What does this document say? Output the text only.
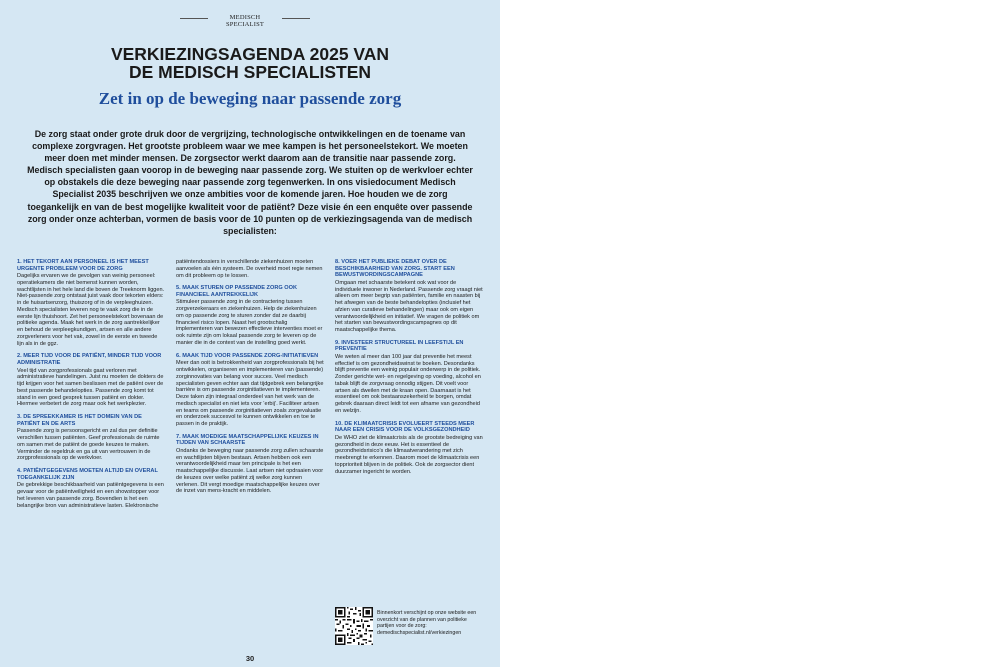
MEDISCH
SPECIALIST
VERKIEZINGSAGENDA 2025 VAN
DE MEDISCH SPECIALISTEN
Zet in op de beweging naar passende zorg

De zorg staat onder grote druk door de vergrijzing, technologische ontwikkelingen en de toename van complexe zorgvragen. Het grootste probleem waar we mee kampen is het personeelstekort. We moeten meer doen met minder mensen. De zorgsector werkt daarom aan de transitie naar passende zorg. Medisch specialisten gaan voorop in de beweging naar passende zorg. We stuiten op de werkvloer echter op obstakels die deze beweging naar passende zorg tegenwerken. In ons visiedocument Medisch Specialist 2035 beschrijven we onze ambities voor de komende jaren. Hoe houden we de zorg toegankelijk en van de best mogelijke kwaliteit voor de patiënt? Deze visie én een enquête over passende zorg onder onze achterban, vormen de basis voor de 10 punten op de verkiezingsagenda van de medisch specialisten:

1. HET TEKORT AAN PERSONEEL IS HET MEEST URGENTE PROBLEEM VOOR DE ZORG

Dagelijks ervaren we de gevolgen van weinig personeel: operatiekamers die niet bemenst kunnen worden, wachtlijsten in het hele land die boven de Treeknorm liggen. Niet-passende zorg ontstaat juist vaak door tekorten elders: in de huisartsenzorg, thuiszorg of in de verpleeghuizen. Medisch specialisten leveren nog te vaak zorg die in de eerste lijn thuishoort. Zet het personeelstekort bovenaan de politieke agenda. Maak het werk in de zorg aantrekkelijker en behoud de verpleegkundigen, artsen en alle andere zorgverleners voor het vak, zowel in de eerste en tweede lijn als in de ggz.

2. MEER TIJD VOOR DE PATIËNT, MINDER TIJD VOOR ADMINISTRATIE

Veel tijd van zorgprofessionals gaat verloren met administratieve handelingen. Juist nu moeten de dokters de tijd krijgen voor het samen beslissen met de patiënt over de best passende behandelopties. Passende zorg komt tot stand in een goed gesprek tussen patiënt en dokter. Hiermee verbetert de zorg maar ook het werkplezier.

3. DE SPREEKKAMER IS HET DOMEIN VAN DE PATIËNT EN DE ARTS

Passende zorg is persoonsgericht en zal dus per definitie verschillen tussen patiënten. Geef professionals de ruimte om samen met de patiënt de goede keuzes te maken. Verminder de regeldruk en ga uit van vertrouwen in de zorgprofessionals op de werkvloer.

4. PATIËNTGEGEVENS MOETEN ALTIJD EN OVERAL TOEGANKELIJK ZIJN

De gebrekkige beschikbaarheid van patiëntgegevens is een gevaar voor de patiëntveiligheid en een showstopper voor het leveren van passende zorg. Bovendien is het een belangrijke bron van administratieve lasten. Elektronische

patiëntendossiers in verschillende ziekenhuizen moeten aanvoelen als één systeem. De overheid moet regie nemen om dit probleem op te lossen.

5. MAAK STUREN OP PASSENDE ZORG OOK FINANCIEEL AANTREKKELIJK

Stimuleer passende zorg in de contractering tussen zorgverzekeraars en ziekenhuizen. Help de ziekenhuizen om op passende zorg te sturen zonder dat ze daarbij financieel risico lopen. Naast het grootschalig implementeren van bewezen effectieve interventies moet er ook ruimte zijn om lokaal passende zorg te leveren op de manier die in de context van de instelling goed werkt.

6. MAAK TIJD VOOR PASSENDE ZORG-INITIATIEVEN

Meer dan ooit is betrokkenheid van zorgprofessionals bij het ontwikkelen, organiseren en implementeren van (passende) zorginnovaties van belang voor succes. Veel medisch specialisten geven echter aan dat tijdgebrek een belangrijke barrière is om passende zorginitiatieven te implementeren. Deze taken zijn integraal onderdeel van het werk van de medisch specialist en niet iets voor ‘erbij’. Faciliteer artsen en teams om passende zorginitiatieven zoals zorgevaluatie en onderzoek succesvol te kunnen ontwikkelen en toe te passen in de praktijk.

7. MAAK MOEDIGE MAATSCHAPPELIJKE KEUZES IN TIJDEN VAN SCHAARSTE

Ondanks de beweging naar passende zorg zullen schaarste en wachtlijsten blijven bestaan. Artsen hebben ook een verantwoordelijkheid maar ten principale is het een maatschappelijke discussie. Laat artsen niet opdraaien voor de keuzes over welke patiënt zij welke zorg kunnen verlenen. Dit vergt moedige maatschappelijke keuzes over de inzet van mens-kracht en middelen.

8. VOER HET PUBLIEKE DEBAT OVER DE BESCHIKBAARHEID VAN ZORG. START EEN BEWUSTWORDINGSCAMPAGNE

Omgaan met schaarste betekent ook wat voor de individuele inwoner in Nederland. Passende zorg vraagt niet alleen om meer begrip van patiënten, familie en naasten bij het afwegen van de beste behandelopties (inclusief het afzien van curatieve behandelingen) maar ook om eigen verantwoordelijkheid en initiatief. We vragen de politiek om het starten van bewustwordingscampagnes op dit maatschappelijke thema.

9. INVESTEER STRUCTUREEL IN LEEFSTIJL EN PREVENTIE

We weten al meer dan 100 jaar dat preventie het meest effectief is om gezondheidswinst te boeken. Desondanks blijft preventie een weinig populair onderwerp in de politiek. Zonder gerichte wet- en regelgeving op voeding, alcohol en tabak blijft de zorgvraag onnodig stijgen. Dit voelt voor artsen als dweilen met de kraan open. Daarnaast is het essentieel om ook bestaanszekerheid te borgen, omdat gebrek daaraan direct leidt tot een afname van gezondheid en welzijn.

10. DE KLIMAATCRISIS EVOLUEERT STEEDS MEER NAAR EEN CRISIS VOOR DE VOLKSGEZONDHEID

De WHO ziet de klimaatcrisis als de grootste bedreiging van gezondheid in deze eeuw. Het is essentieel de gezondheidsrisico’s die klimaatverandering met zich meebrengt te erkennen. Daarom moet de klimaatcrisis een topprioriteit blijven in de politiek. Ook de zorgsector dient duurzamer ingericht te worden.

Binnenkort verschijnt op onze website een overzicht van de plannen van politieke partijen voor de zorg: demedischspecialist.nl/verkiezingen

30
